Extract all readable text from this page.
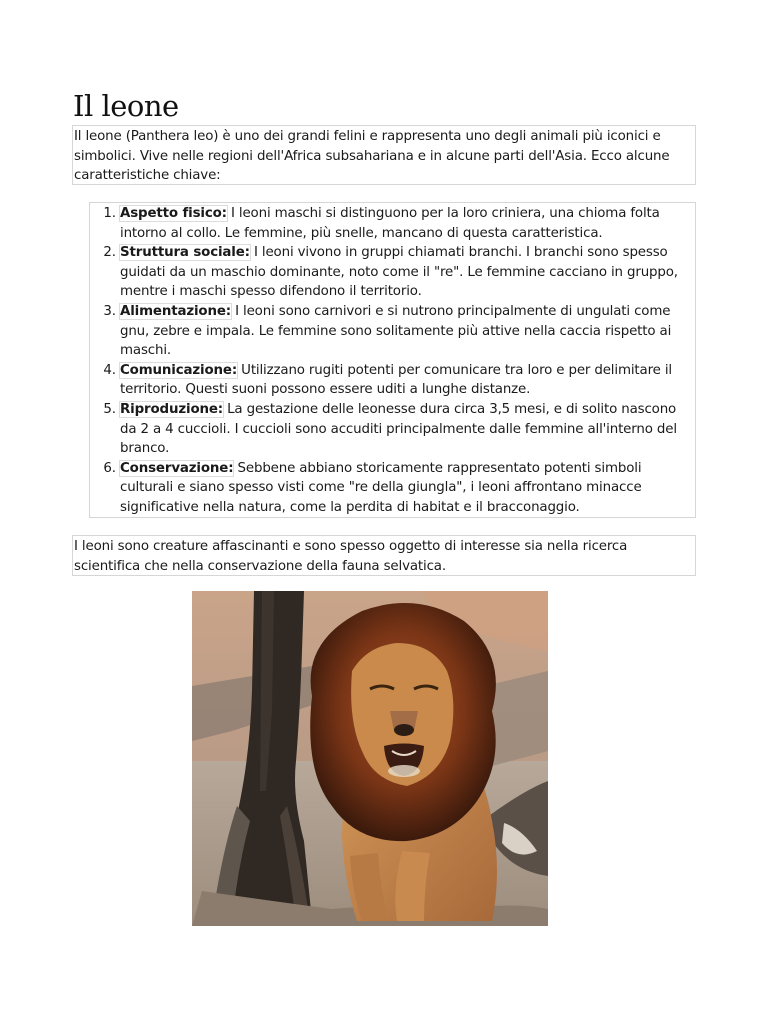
Il leone
Il leone (Panthera leo) è uno dei grandi felini e rappresenta uno degli animali più iconici e simbolici. Vive nelle regioni dell'Africa subsahariana e in alcune parti dell'Asia. Ecco alcune caratteristiche chiave:
1. Aspetto fisico: I leoni maschi si distinguono per la loro criniera, una chioma folta intorno al collo. Le femmine, più snelle, mancano di questa caratteristica.
2. Struttura sociale: I leoni vivono in gruppi chiamati branchi. I branchi sono spesso guidati da un maschio dominante, noto come il "re". Le femmine cacciano in gruppo, mentre i maschi spesso difendono il territorio.
3. Alimentazione: I leoni sono carnivori e si nutrono principalmente di ungulati come gnu, zebre e impala. Le femmine sono solitamente più attive nella caccia rispetto ai maschi.
4. Comunicazione: Utilizzano rugiti potenti per comunicare tra loro e per delimitare il territorio. Questi suoni possono essere uditi a lunghe distanze.
5. Riproduzione: La gestazione delle leonesse dura circa 3,5 mesi, e di solito nascono da 2 a 4 cuccioli. I cuccioli sono accuditi principalmente dalle femmine all'interno del branco.
6. Conservazione: Sebbene abbiano storicamente rappresentato potenti simboli culturali e siano spesso visti come "re della giungla", i leoni affrontano minacce significative nella natura, come la perdita di habitat e il bracconaggio.
I leoni sono creature affascinanti e sono spesso oggetto di interesse sia nella ricerca scientifica che nella conservazione della fauna selvatica.
